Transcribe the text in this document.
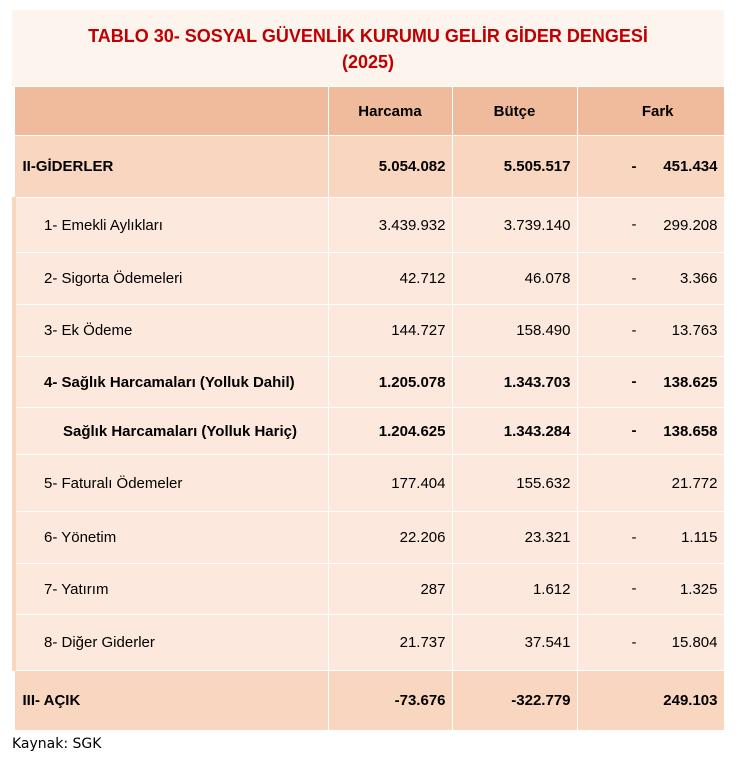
TABLO 30- SOSYAL GÜVENLİK KURUMU GELİR GİDER DENGESİ
(2025)
	Harcama	Bütçe	Fark
II-GİDERLER	5.054.082	5.505.517	- 451.434
1- Emekli Aylıkları	3.439.932	3.739.140	- 299.208
2- Sigorta Ödemeleri	42.712	46.078	- 3.366
3- Ek Ödeme	144.727	158.490	- 13.763
4- Sağlık Harcamaları (Yolluk Dahil)	1.205.078	1.343.703	- 138.625
Sağlık Harcamaları (Yolluk Hariç)	1.204.625	1.343.284	- 138.658
5- Faturalı Ödemeler	177.404	155.632	21.772
6- Yönetim	22.206	23.321	- 1.115
7- Yatırım	287	1.612	- 1.325
8- Diğer Giderler	21.737	37.541	- 15.804
III- AÇIK	-73.676	-322.779	249.103
Kaynak: SGK
